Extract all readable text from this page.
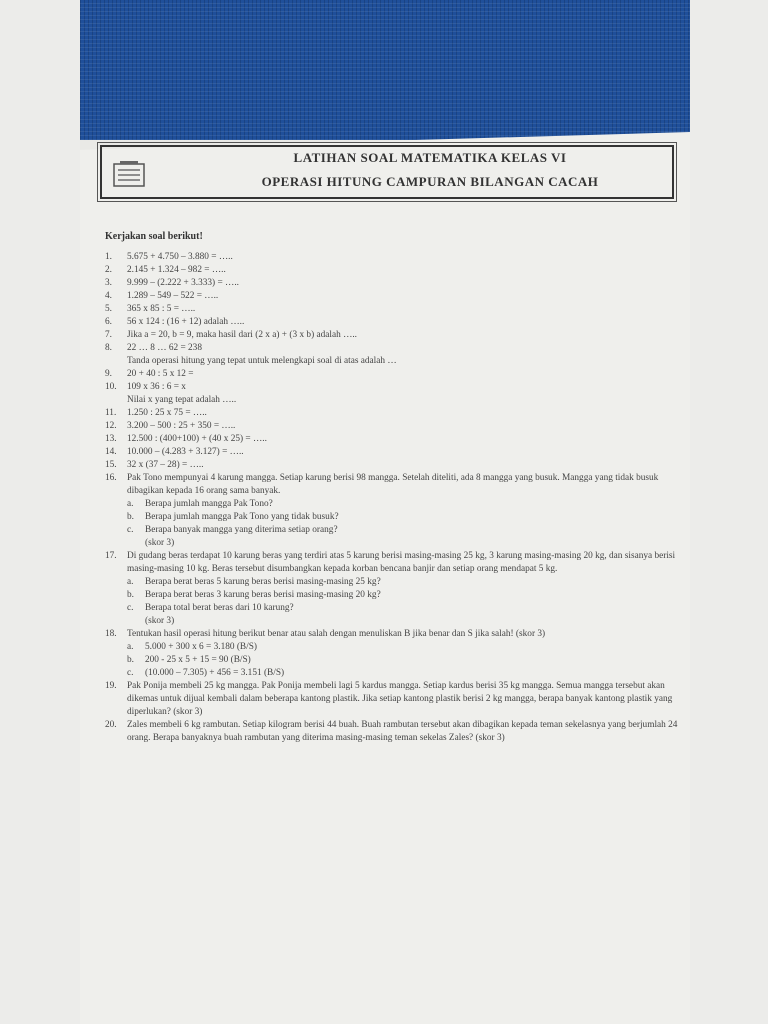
LATIHAN SOAL MATEMATIKA KELAS VI
OPERASI HITUNG CAMPURAN BILANGAN CACAH
Kerjakan soal berikut!
1.	5.675 + 4.750 – 3.880 = …..
2.	2.145 + 1.324 – 982 = …..
3.	9.999 – (2.222 + 3.333) = …..
4.	1.289 – 549 – 522 = …..
5.	365 x 85 : 5 = …..
6.	56 x 124 : (16 + 12) adalah …..
7.	Jika a = 20, b = 9, maka hasil dari (2 x a) + (3 x b) adalah …..
8.	22 … 8 … 62 = 238
Tanda operasi hitung yang tepat untuk melengkapi soal di atas adalah …
9.	20 + 40 : 5 x 12 =
10.	109 x 36 : 6 = x
Nilai x yang tepat adalah …..
11.	1.250 : 25 x 75 = …..
12.	3.200 – 500 : 25 + 350 = …..
13.	12.500 : (400+100) + (40 x 25) = …..
14.	10.000 – (4.283 + 3.127) = …..
15.	32 x (37 – 28) = …..
16.	Pak Tono mempunyai 4 karung mangga. Setiap karung berisi 98 mangga. Setelah diteliti, ada 8 mangga yang busuk. Mangga yang tidak busuk dibagikan kepada 16 orang sama banyak.
a.	Berapa jumlah mangga Pak Tono?
b.	Berapa jumlah mangga Pak Tono yang tidak busuk?
c.	Berapa banyak mangga yang diterima setiap orang?
(skor 3)
17.	Di gudang beras terdapat 10 karung beras yang terdiri atas 5 karung berisi masing-masing 25 kg, 3 karung masing-masing 20 kg, dan sisanya berisi masing-masing 10 kg. Beras tersebut disumbangkan kepada korban bencana banjir dan setiap orang mendapat 5 kg.
a.	Berapa berat beras 5 karung beras berisi masing-masing 25 kg?
b.	Berapa berat beras 3 karung beras berisi masing-masing 20 kg?
c.	Berapa total berat beras dari 10 karung?
(skor 3)
18.	Tentukan hasil operasi hitung berikut benar atau salah dengan menuliskan B jika benar dan S jika salah! (skor 3)
a.	5.000 + 300 x 6 = 3.180 (B/S)
b.	200 - 25 x 5 + 15 = 90 (B/S)
c.	(10.000 – 7.305) + 456 = 3.151 (B/S)
19.	Pak Ponija membeli 25 kg mangga. Pak Ponija membeli lagi 5 kardus mangga. Setiap kardus berisi 35 kg mangga. Semua mangga tersebut akan dikemas untuk dijual kembali dalam beberapa kantong plastik. Jika setiap kantong plastik berisi 2 kg mangga, berapa banyak kantong plastik yang diperlukan? (skor 3)
20.	Zales membeli 6 kg rambutan. Setiap kilogram berisi 44 buah. Buah rambutan tersebut akan dibagikan kepada teman sekelasnya yang berjumlah 24 orang. Berapa banyaknya buah rambutan yang diterima masing-masing teman sekelas Zales? (skor 3)
